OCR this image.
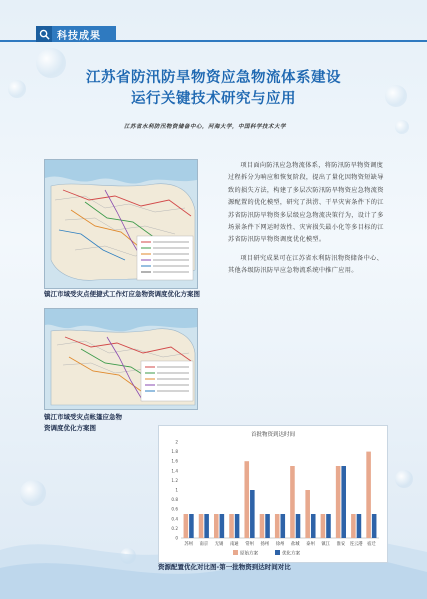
科技成果
江苏省防汛防旱物资应急物流体系建设
运行关键技术研究与应用
江苏省水利防汛物资储备中心，河海大学，中国科学技术大学
镇江市域受灾点便捷式工作灯应急物资调度优化方案图
镇江市域受灾点帐篷应急物
资调度优化方案图

项目面向防汛应急物流体系，将防汛防旱物资调度过程拆分为响应和恢复阶段，提出了量化因物资短缺导致的损失方法，构建了多层次防汛防旱物资应急物流资源配置的优化模型，研究了洪涝、干旱灾害条件下的江苏省防汛防旱物资多层级应急物流决策行为，设计了多场景条件下网运时效性、灾害损失最小化等多目标的江苏省防汛防旱物资调度优化模型。

项目研究成果可在江苏省水利防汛物资储备中心、其他各级防汛防旱应急物流系统中推广应用。

首批物资到达时间
0
0.2
0.4
0.6
0.8
1
1.2
1.4
1.6
1.8
2
苏州 南京 无锡 南通 常州 扬州 徐州 盐城 泰州 镇江 淮安 连云港 宿迁
原始方案	优化方案
资源配置优化对比图-第一批物资到达时间对比
